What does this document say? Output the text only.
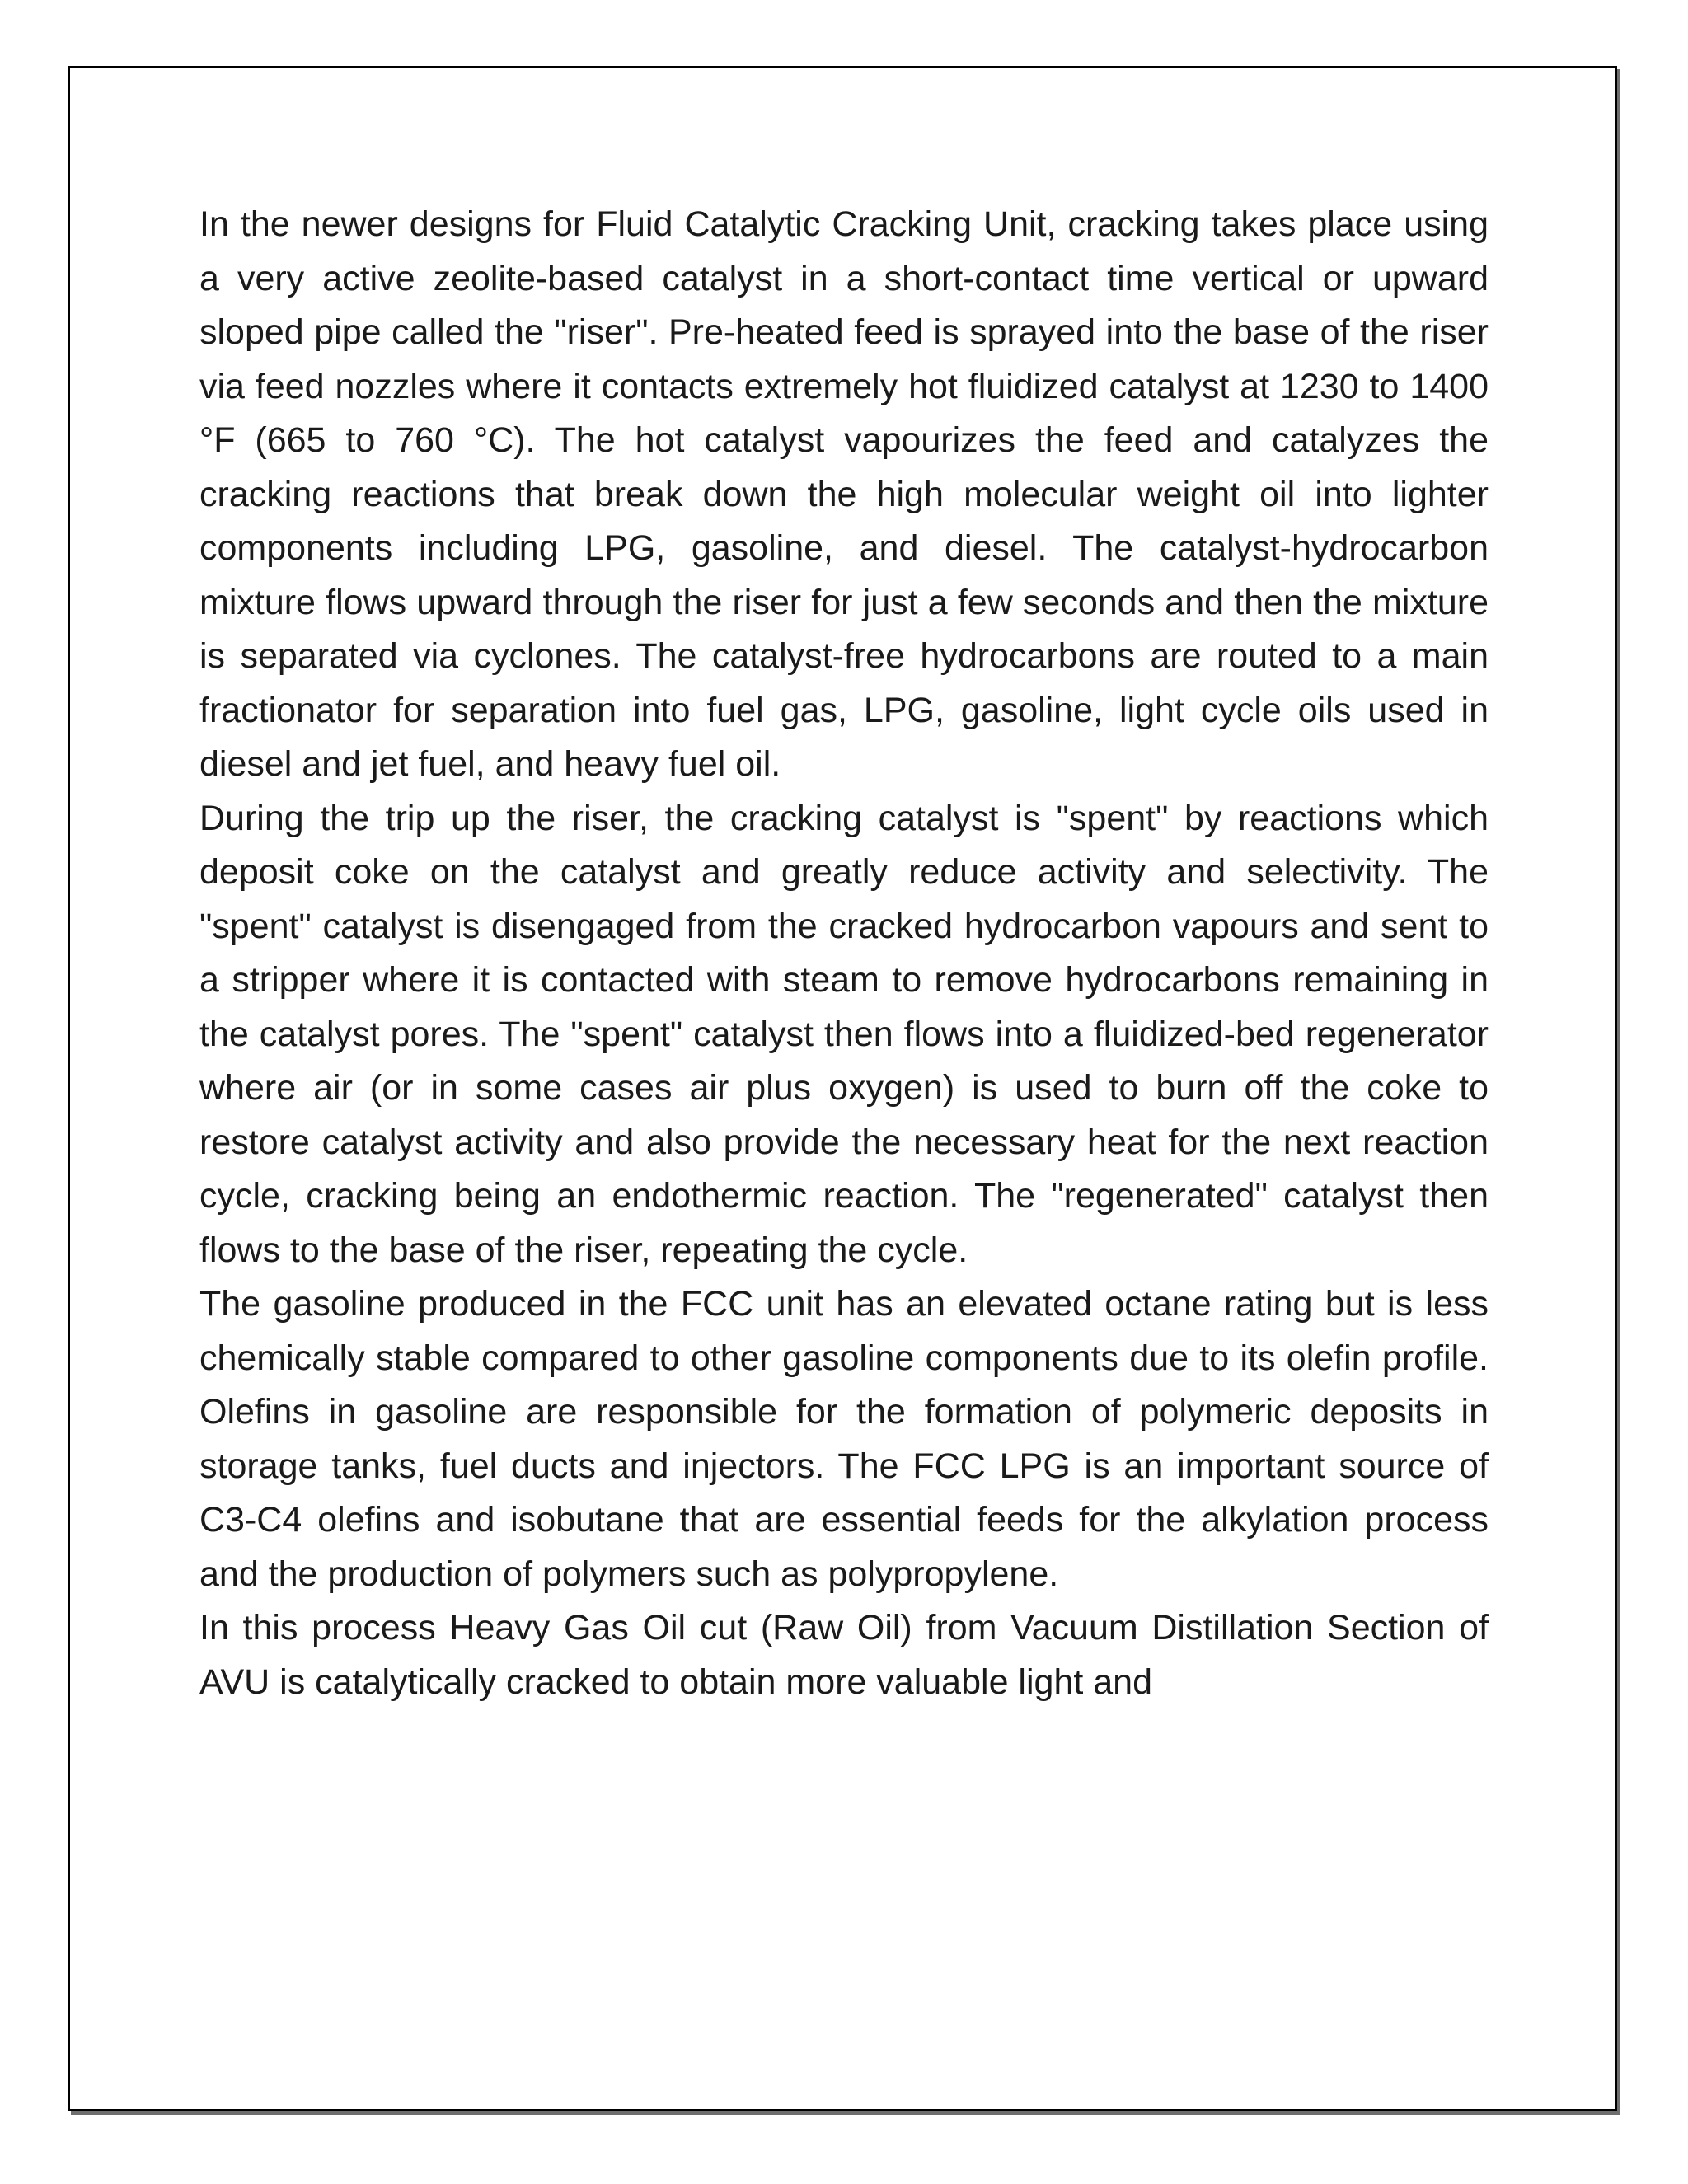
In the newer designs for Fluid Catalytic Cracking Unit, cracking takes place using a very active zeolite-based catalyst in a short-contact time vertical or upward sloped pipe called the "riser". Pre-heated feed is sprayed into the base of the riser via feed nozzles where it contacts extremely hot fluidized catalyst at 1230 to 1400 °F (665 to 760 °C). The hot catalyst vapourizes the feed and catalyzes the cracking reactions that break down the high molecular weight oil into lighter components including LPG, gasoline, and diesel. The catalyst-hydrocarbon mixture flows upward through the riser for just a few seconds and then the mixture is separated via cyclones. The catalyst-free hydrocarbons are routed to a main fractionator for separation into fuel gas, LPG, gasoline, light cycle oils used in diesel and jet fuel, and heavy fuel oil.

During the trip up the riser, the cracking catalyst is "spent" by reactions which deposit coke on the catalyst and greatly reduce activity and selectivity. The "spent" catalyst is disengaged from the cracked hydrocarbon vapours and sent to a stripper where it is contacted with steam to remove hydrocarbons remaining in the catalyst pores. The "spent" catalyst then flows into a fluidized-bed regenerator where air (or in some cases air plus oxygen) is used to burn off the coke to restore catalyst activity and also provide the necessary heat for the next reaction cycle, cracking being an endothermic reaction. The "regenerated" catalyst then flows to the base of the riser, repeating the cycle.

The gasoline produced in the FCC unit has an elevated octane rating but is less chemically stable compared to other gasoline components due to its olefin profile. Olefins in gasoline are responsible for the formation of polymeric deposits in storage tanks, fuel ducts and injectors. The FCC LPG is an important source of C3-C4 olefins and isobutane that are essential feeds for the alkylation process and the production of polymers such as polypropylene.

In this process Heavy Gas Oil cut (Raw Oil) from Vacuum Distillation Section of AVU is catalytically cracked to obtain more valuable light and
